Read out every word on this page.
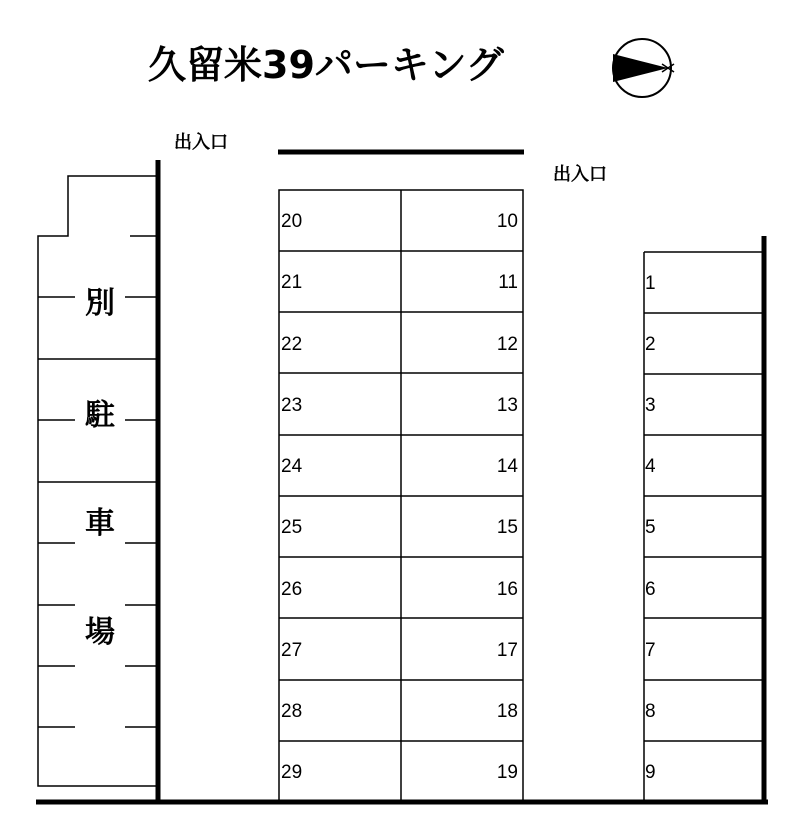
久留米39パーキング
出入口
出入口
別
駐
車
場
20
21
22
23
24
25
26
27
28
29
10
11
12
13
14
15
16
17
18
19
1
2
3
4
5
6
7
8
9
